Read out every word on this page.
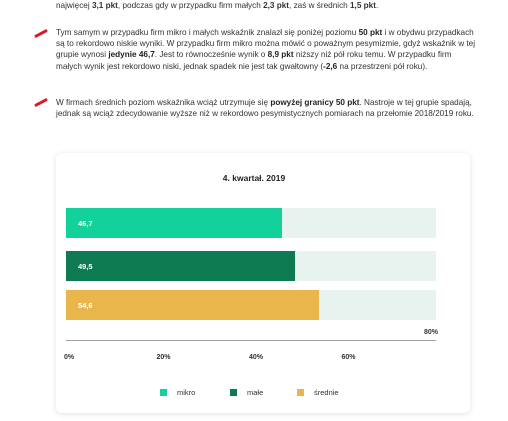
najwięcej 3,1 pkt, podczas gdy w przypadku firm małych 2,3 pkt, zaś w średnich 1,5 pkt.
Tym samym w przypadku firm mikro i małych wskaźnik znalazł się poniżej poziomu 50 pkt i w obydwu przypadkach są to rekordowo niskie wyniki. W przypadku firm mikro można mówić o poważnym pesymizmie, gdyż wskaźnik w tej grupie wynosi jedynie 46,7. Jest to równocześnie wynik o 8,9 pkt niższy niż pół roku temu. W przypadku firm małych wynik jest rekordowo niski, jednak spadek nie jest tak gwałtowny (-2,6 na przestrzeni pół roku).
W firmach średnich poziom wskaźnika wciąż utrzymuje się powyżej granicy 50 pkt. Nastroje w tej grupie spadają, jednak są wciąż zdecydowanie wyższe niż w rekordowo pesymistycznych pomiarach na przełomie 2018/2019 roku.
4. kwartał. 2019
46,7
49,5
54,6
0%	20%	40%	60%
80%
mikro	małe	średnie
